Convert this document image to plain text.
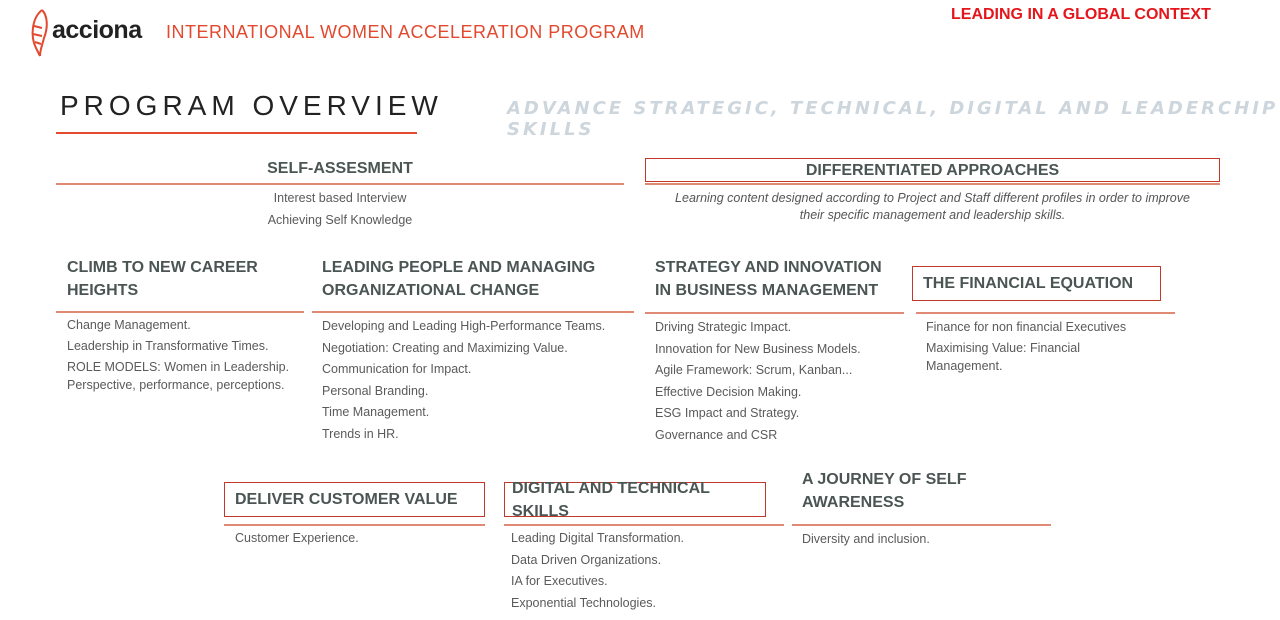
acciona INTERNATIONAL WOMEN ACCELERATION PROGRAM
LEADING IN A GLOBAL CONTEXT
PROGRAM OVERVIEW	ADVANCE STRATEGIC, TECHNICAL, DIGITAL AND LEADERCHIP SKILLS
SELF-ASSESMENT
Interest based Interview
Achieving Self Knowledge
DIFFERENTIATED APPROACHES
Learning content designed according to Project and Staff different profiles in order to improve their specific management and leadership skills.
CLIMB TO NEW CAREER HEIGHTS
Change Management.
Leadership in Transformative Times.
ROLE MODELS: Women in Leadership. Perspective, performance, perceptions.
LEADING PEOPLE AND MANAGING ORGANIZATIONAL CHANGE
Developing and Leading High-Performance Teams.
Negotiation: Creating and Maximizing Value.
Communication for Impact.
Personal Branding.
Time Management.
Trends in HR.
STRATEGY AND INNOVATION IN BUSINESS MANAGEMENT
Driving Strategic Impact.
Innovation for New Business Models.
Agile Framework: Scrum, Kanban...
Effective Decision Making.
ESG Impact and Strategy.
Governance and CSR
THE FINANCIAL EQUATION
Finance for non financial Executives
Maximising Value: Financial Management.
DELIVER CUSTOMER VALUE
Customer Experience.
DIGITAL AND TECHNICAL SKILLS
Leading Digital Transformation.
Data Driven Organizations.
IA for Executives.
Exponential Technologies.
A JOURNEY OF SELF AWARENESS
Diversity and inclusion.
